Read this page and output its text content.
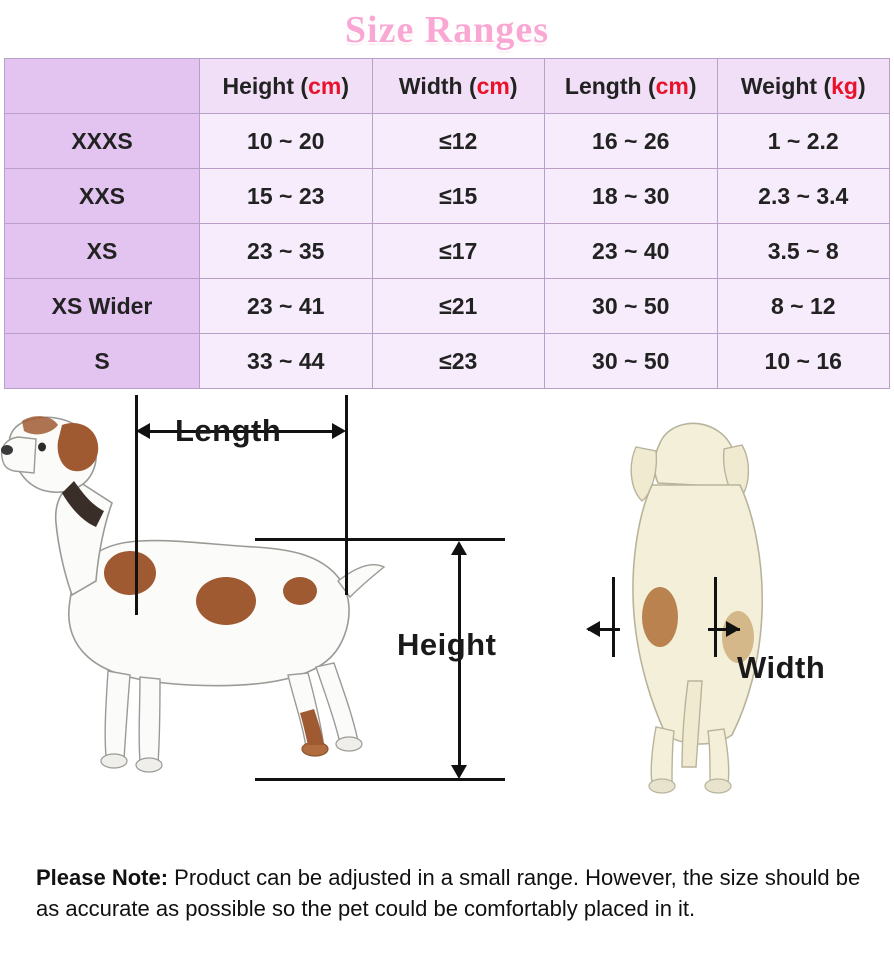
Size Ranges
	Height (cm)	Width (cm)	Length (cm)	Weight (kg)
XXXS	10 ~ 20	≤12	16 ~ 26	1 ~ 2.2
XXS	15 ~ 23	≤15	18 ~ 30	2.3 ~ 3.4
XS	23 ~ 35	≤17	23 ~ 40	3.5 ~ 8
XS Wider	23 ~ 41	≤21	30 ~ 50	8 ~ 12
S	33 ~ 44	≤23	30 ~ 50	10 ~ 16
Length
Height
Width
Please Note: Product can be adjusted in a small range. However, the size should be as accurate as possible so the pet could be comfortably placed in it.
